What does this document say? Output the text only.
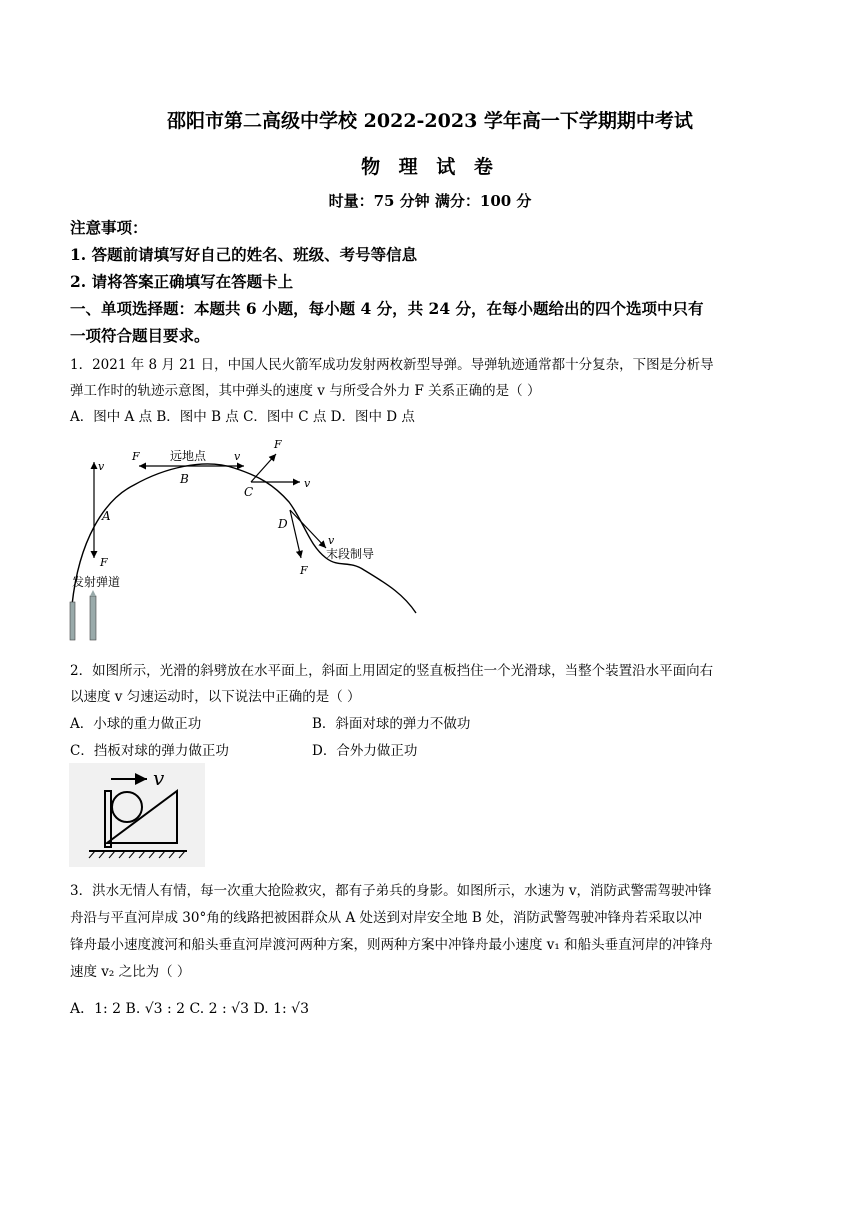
邵阳市第二高级中学校 2022-2023 学年高一下学期期中考试
物 理 试 卷
时量：75 分钟 满分：100 分
注意事项：
1. 答题前请填写好自己的姓名、班级、考号等信息
2. 请将答案正确填写在答题卡上
一、单项选择题：本题共 6 小题，每小题 4 分，共 24 分，在每小题给出的四个选项中只有
一项符合题目要求。
1．2021 年 8 月 21 日，中国人民火箭军成功发射两枚新型导弹。导弹轨迹通常都十分复杂，下图是分析导
弹工作时的轨迹示意图，其中弹头的速度 v 与所受合外力 F 关系正确的是（ ）
A．图中 A 点 B．图中 B 点 C．图中 C 点 D．图中 D 点
发射弹道
v
F
A
F	远地点	v
B
F
v
C
F
v
D
末段制导
2．如图所示，光滑的斜劈放在水平面上，斜面上用固定的竖直板挡住一个光滑球，当整个装置沿水平面向右
以速度 v 匀速运动时，以下说法中正确的是（ ）
A．小球的重力做正功	B．斜面对球的弹力不做功
C．挡板对球的弹力做正功	D．合外力做正功
v
3．洪水无情人有情，每一次重大抢险救灾，都有子弟兵的身影。如图所示，水速为 v，消防武警需驾驶冲锋
舟沿与平直河岸成 30°角的线路把被困群众从 A 处送到对岸安全地 B 处，消防武警驾驶冲锋舟若采取以冲
锋舟最小速度渡河和船头垂直河岸渡河两种方案，则两种方案中冲锋舟最小速度 v₁ 和船头垂直河岸的冲锋舟
速度 v₂ 之比为（ ）
A．1: 2 B. √3 : 2 C. 2 : √3 D. 1: √3
